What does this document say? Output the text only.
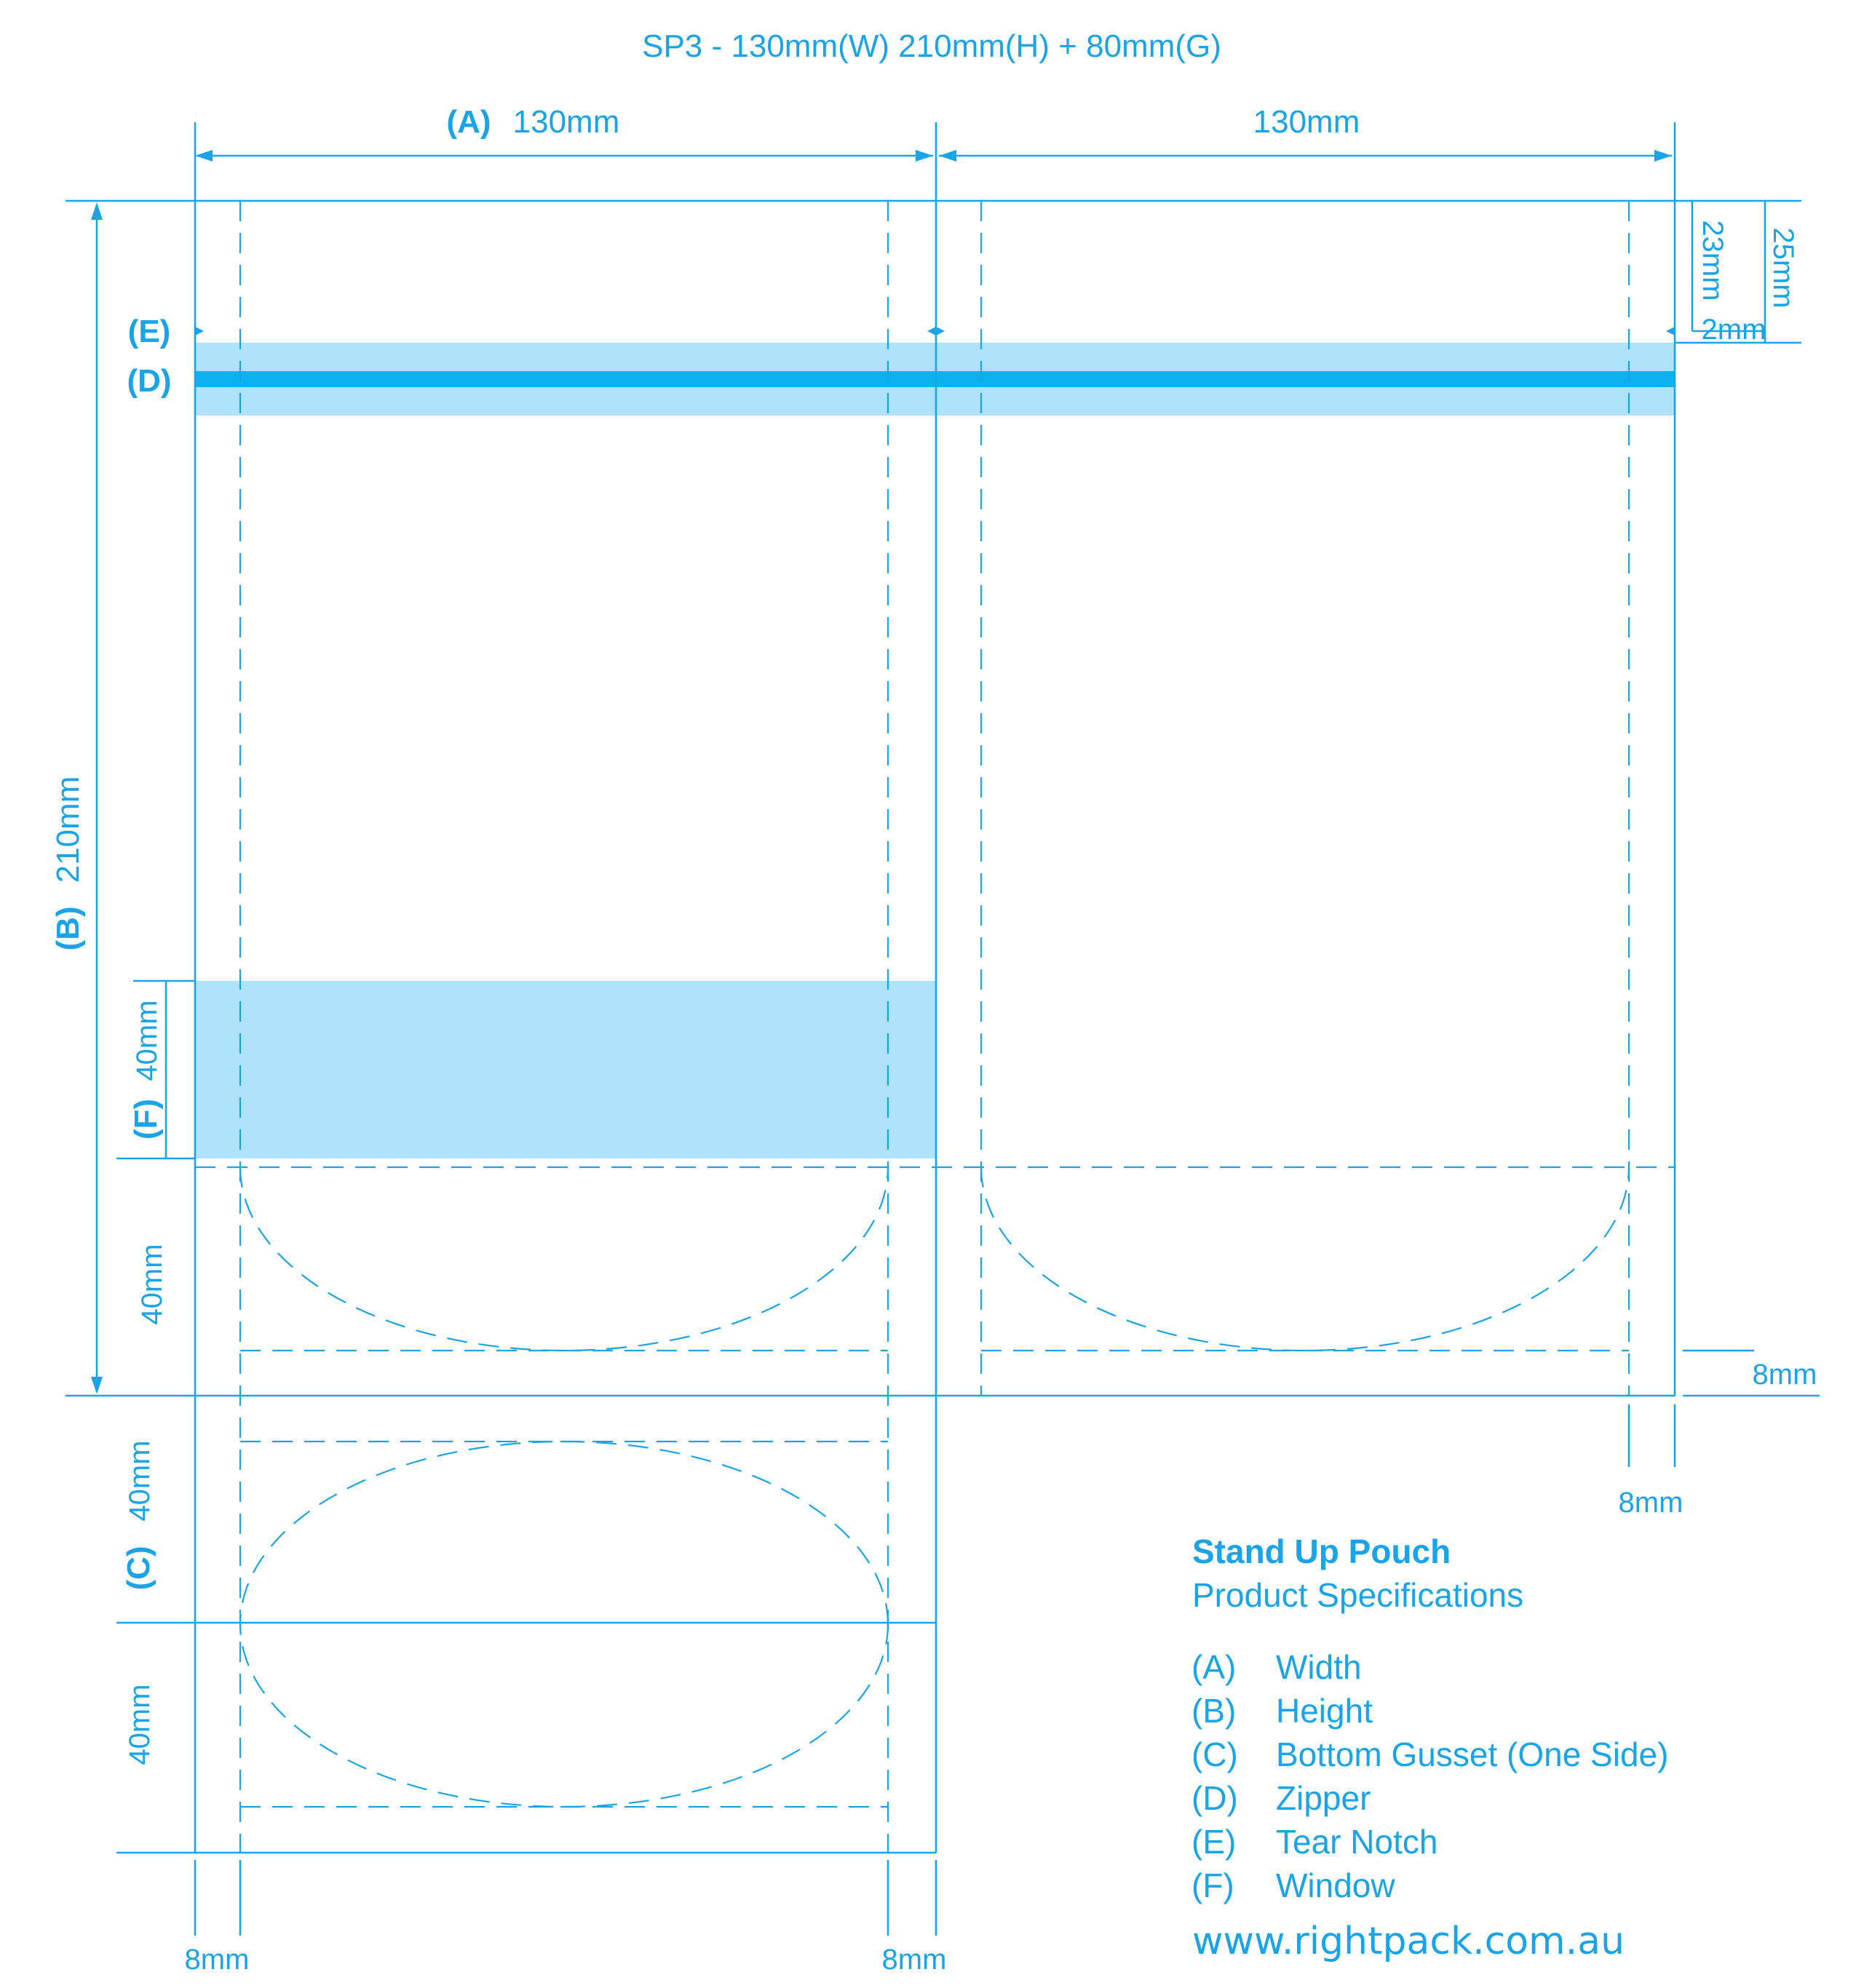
SP3 - 130mm(W) 210mm(H) + 80mm(G)
(A) 130mm	130mm
(B)
210mm
(E)
(D)
23mm 25mm
2mm
(F)
40mm
40mm
(C)
40mm
40mm
8mm
8mm
8mm	8mm
Stand Up Pouch
Product Specifications
(A) Width
(B) Height
(C) Bottom Gusset (One Side)
(D) Zipper
(E) Tear Notch
(F) Window
www.rightpack.com.au
